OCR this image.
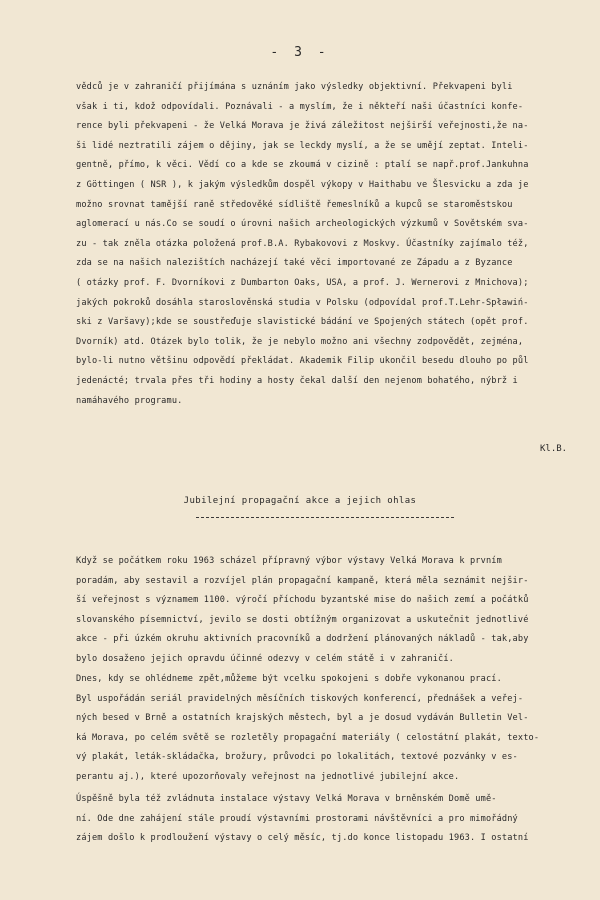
- 3 -
vědců je v zahraničí přijímána s uznáním jako výsledky objektivní. Překvapeni byli
však i ti, kdož odpovídali. Poznávali - a myslím, že i někteří naši účastníci konfe-
rence byli překvapeni - že Velká Morava je živá záležitost nejširší veřejnosti,že na-
ši lidé neztratili zájem o dějiny, jak se leckdy myslí, a že se umějí zeptat. Inteli-
gentně, přímo, k věci. Vědí co a kde se zkoumá v cizině : ptalí se např.prof.Jankuhna
z Göttingen ( NSR ), k jakým výsledkům dospěl výkopy v Haithabu ve Šlesvicku a zda je
možno srovnat tamější raně středověké sídliště řemeslníků a kupců se staroměstskou
aglomerací u nás.Co se soudí o úrovni našich archeologických výzkumů v Sovětském sva-
zu - tak zněla otázka položená prof.B.A. Rybakovovi z Moskvy. Účastníky zajímalo též,
zda se na našich nalezištích nacházejí také věci importované ze Západu a z Byzance
( otázky prof. F. Dvorníkovi z Dumbarton Oaks, USA, a prof. J. Wernerovi z Mnichova);
jakých pokroků dosáhla staroslověnská studia v Polsku (odpovídal prof.T.Lehr-Spławiń-
ski z Varšavy);kde se soustřeďuje slavistické bádání ve Spojených státech (opět prof.
Dvorník) atd. Otázek bylo tolik, že je nebylo možno ani všechny zodpovědět, zejména,
bylo-li nutno většinu odpovědí překládat. Akademik Filip ukončil besedu dlouho po půl
jedenácté; trvala přes tři hodiny a hosty čekal další den nejenom bohatého, nýbrž i
namáhavého programu.
Kl.B.
Jubilejní propagační akce a jejich ohlas
Když se počátkem roku 1963 scházel přípravný výbor výstavy Velká Morava k prvním
poradám, aby sestavil a rozvíjel plán propagační kampaně, která měla seznámit nejšir-
ší veřejnost s významem 1100. výročí příchodu byzantské mise do našich zemí a počátků
slovanského písemnictví, jevilo se dosti obtížným organizovat a uskutečnit jednotlivé
akce - při úzkém okruhu aktivních pracovníků a dodržení plánovaných nákladů - tak,aby
bylo dosaženo jejich opravdu účinné odezvy v celém státě i v zahraničí.
Dnes, kdy se ohlédneme zpět,můžeme být vcelku spokojeni s dobře vykonanou prací.
Byl uspořádán seriál pravidelných měsíčních tiskových konferencí, přednášek a veřej-
ných besed v Brně a ostatních krajských městech, byl a je dosud vydáván Bulletin Vel-
ká Morava, po celém světě se rozletěly propagační materiály ( celostátní plakát, texto-
vý plakát, leták-skládačka, brožury, průvodci po lokalitách, textové pozvánky v es-
perantu aj.), které upozorňovaly veřejnost na jednotlivé jubilejní akce.
Úspěšně byla též zvládnuta instalace výstavy Velká Morava v brněnském Domě umě-
ní. Ode dne zahájení stále proudí výstavními prostorami návštěvníci a pro mimořádný
zájem došlo k prodloužení výstavy o celý měsíc, tj.do konce listopadu 1963. I ostatní
